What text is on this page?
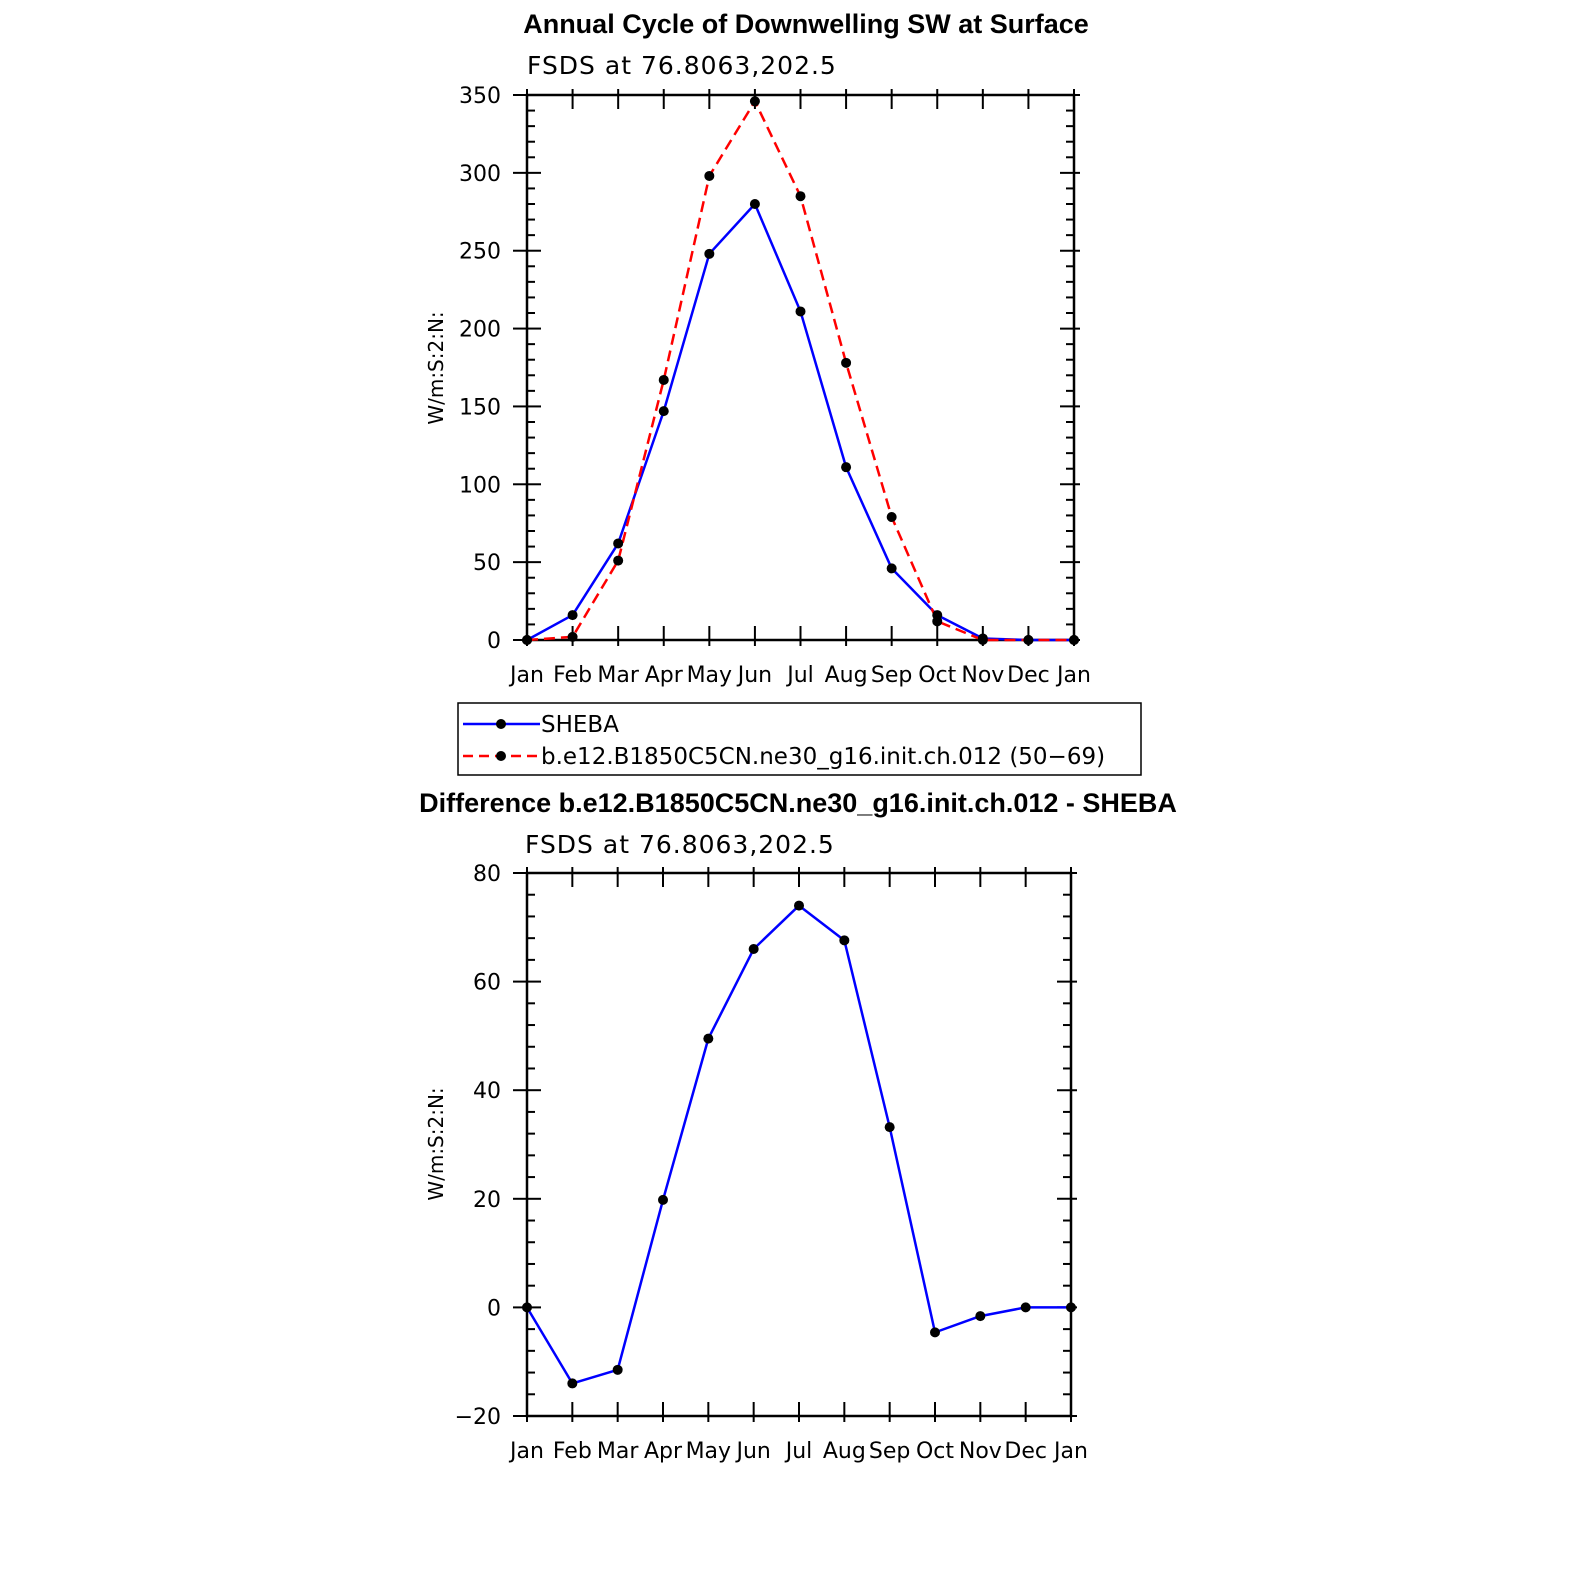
Annual Cycle of Downwelling SW at Surface
FSDS at 76.8063,202.5
W/m:S:2:N:
Jan Feb Mar Apr May Jun Jul Aug Sep Oct Nov Dec Jan
0
50
100
150
200
250
300
350
SHEBA
b.e12.B1850C5CN.ne30_g16.init.ch.012 (50−69)
Difference b.e12.B1850C5CN.ne30_g16.init.ch.012 - SHEBA
FSDS at 76.8063,202.5
W/m:S:2:N:
Jan Feb Mar Apr May Jun Jul Aug Sep Oct Nov Dec Jan
−20
0
20
40
60
80
